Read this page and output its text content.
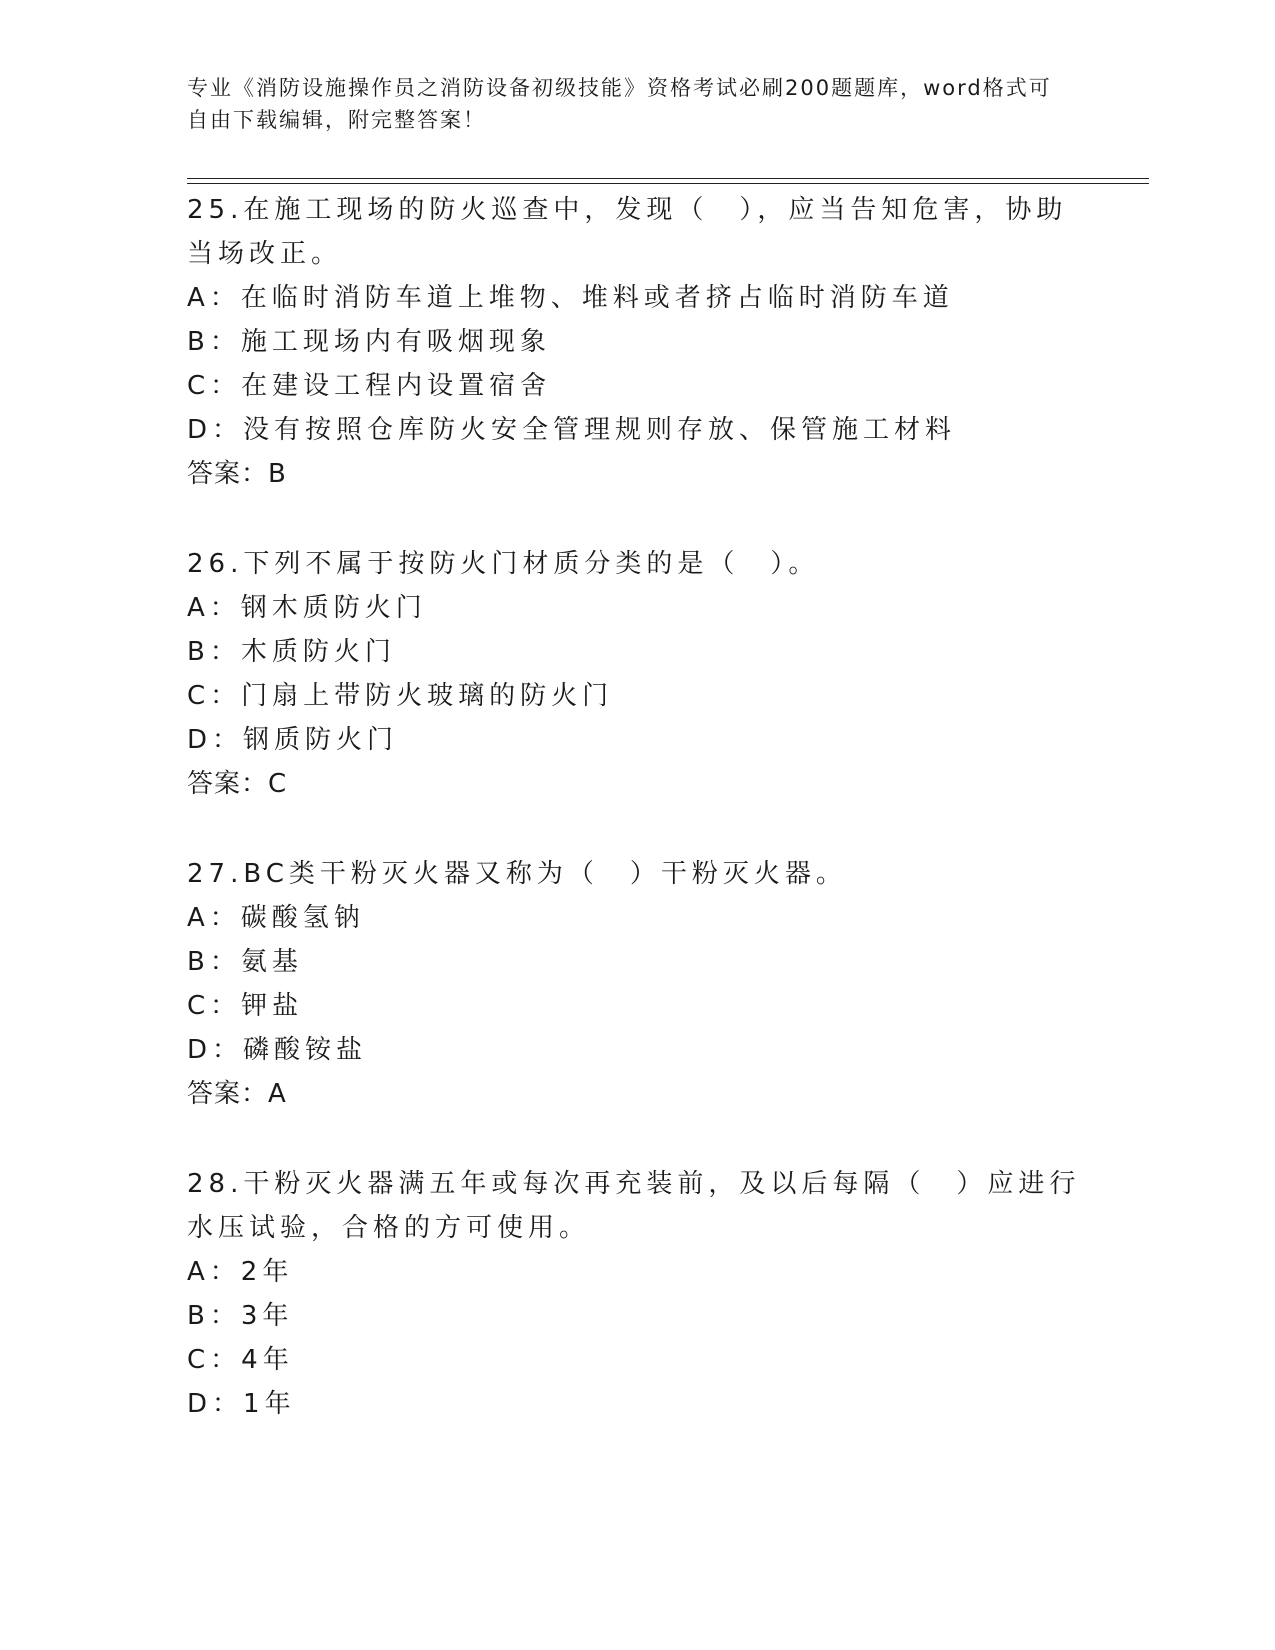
专业《消防设施操作员之消防设备初级技能》资格考试必刷200题题库，word格式可自由下载编辑，附完整答案！

25.在施工现场的防火巡查中，发现（　），应当告知危害，协助当场改正。

A：在临时消防车道上堆物、堆料或者挤占临时消防车道

B：施工现场内有吸烟现象

C：在建设工程内设置宿舍

D：没有按照仓库防火安全管理规则存放、保管施工材料

答案：B

26.下列不属于按防火门材质分类的是（　）。

A：钢木质防火门

B：木质防火门

C：门扇上带防火玻璃的防火门

D：钢质防火门

答案：C

27.BC类干粉灭火器又称为（　）干粉灭火器。

A：碳酸氢钠

B：氨基

C：钾盐

D：磷酸铵盐

答案：A

28.干粉灭火器满五年或每次再充装前，及以后每隔（　）应进行水压试验，合格的方可使用。

A：2年

B：3年

C：4年

D：1年
